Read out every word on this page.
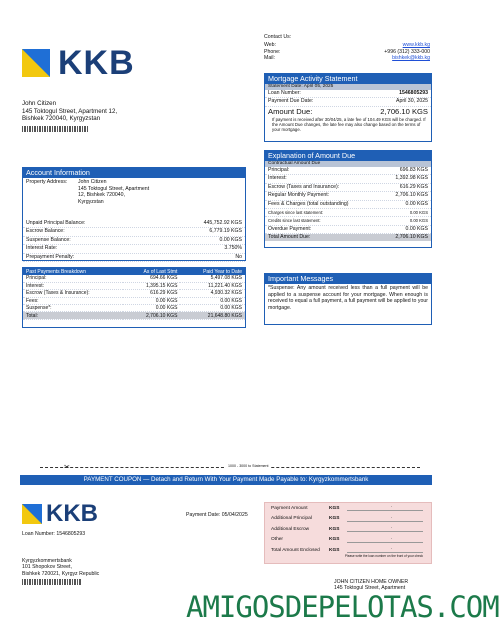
KKB
John Citizen
145 Toktogul Street, Apartment 12,
Bishkek 720040, Kyrgyzstan
Contact Us:
Web:	www.kkb.kg
Phone:	+996 (312) 333-000
Mail:	bishkek@kkb.kg
Mortgage Activity Statement
Statement Date: April 05, 2025
Loan Number:	1546805293
Payment Due Date:	April 30, 2025
Amount Due:	2,706.10 KGS
If payment is received after 30/04/25, a late fee of 104.49 KGS will be charged. If the Amount Due changes, the late fee may also change based on the terms of your mortgage.
Account Information
Property Address:	John Citizen
145 Toktogul Street, Apartment
12, Bishkek 720040,
Kyrgyzstan
Unpaid Principal Balance:	445,752.92 KGS
Escrow Balance:	6,779.19 KGS
Suspense Balance:	0.00 KGS
Interest Rate:	3.750%
Prepayment Penalty:	No
Explanation of Amount Due
Contractual Amount Due
Principal:	696.83 KGS
Interest:	1,392.98 KGS
Escrow (Taxes and Insurance):	616.29 KGS
Regular Monthly Payment:	2,706.10 KGS
Fees & Charges (total outstanding)	0.00 KGS
Charges since last statement:	0.00 KGS
Credits since last statement:	0.00 KGS
Overdue Payment:	0.00 KGS
Total Amount Due:	2,706.10 KGS
Past Payments Breakdown	As of Last Stmt	Paid Year to Date
Principal:	694.66 KGS	5,497.08 KGS
Interest:	1,395.15 KGS	11,221.40 KGS
Escrow (Taxes & Insurance):	616.29 KGS	4,930.32 KGS
Fees:	0.00 KGS	0.00 KGS
Suspense*:	0.00 KGS	0.00 KGS
Total:	2,706.10 KGS	21,648.80 KGS
Important Messages
*Suspense: Any amount received less than a full payment will be applied to a suspense account for your mortgage. When enough is received to equal a full payment, a full payment will be applied to your mortgage.
✂	1000 - 3000 to Statement
PAYMENT COUPON — Detach and Return With Your Payment Made Payable to: Kyrgyzkommertsbank
KKB
Loan Number: 1546805293
Payment Date: 05/04/2025
Kyrgyzkommertsbank
101 Shopokov Street,
Bishkek 720021, Kyrgyz Republic
Payment Amount	KGS	.
Additional Principal	KGS	.
Additional Escrow	KGS	.
Other	KGS	.
Total Amount Enclosed	KGS	.
Please write the loan number on the front of your check
JOHN CITIZEN HOME OWNER
145 Toktogul Street, Apartment
AMIGOSDEPELOTAS.COM
